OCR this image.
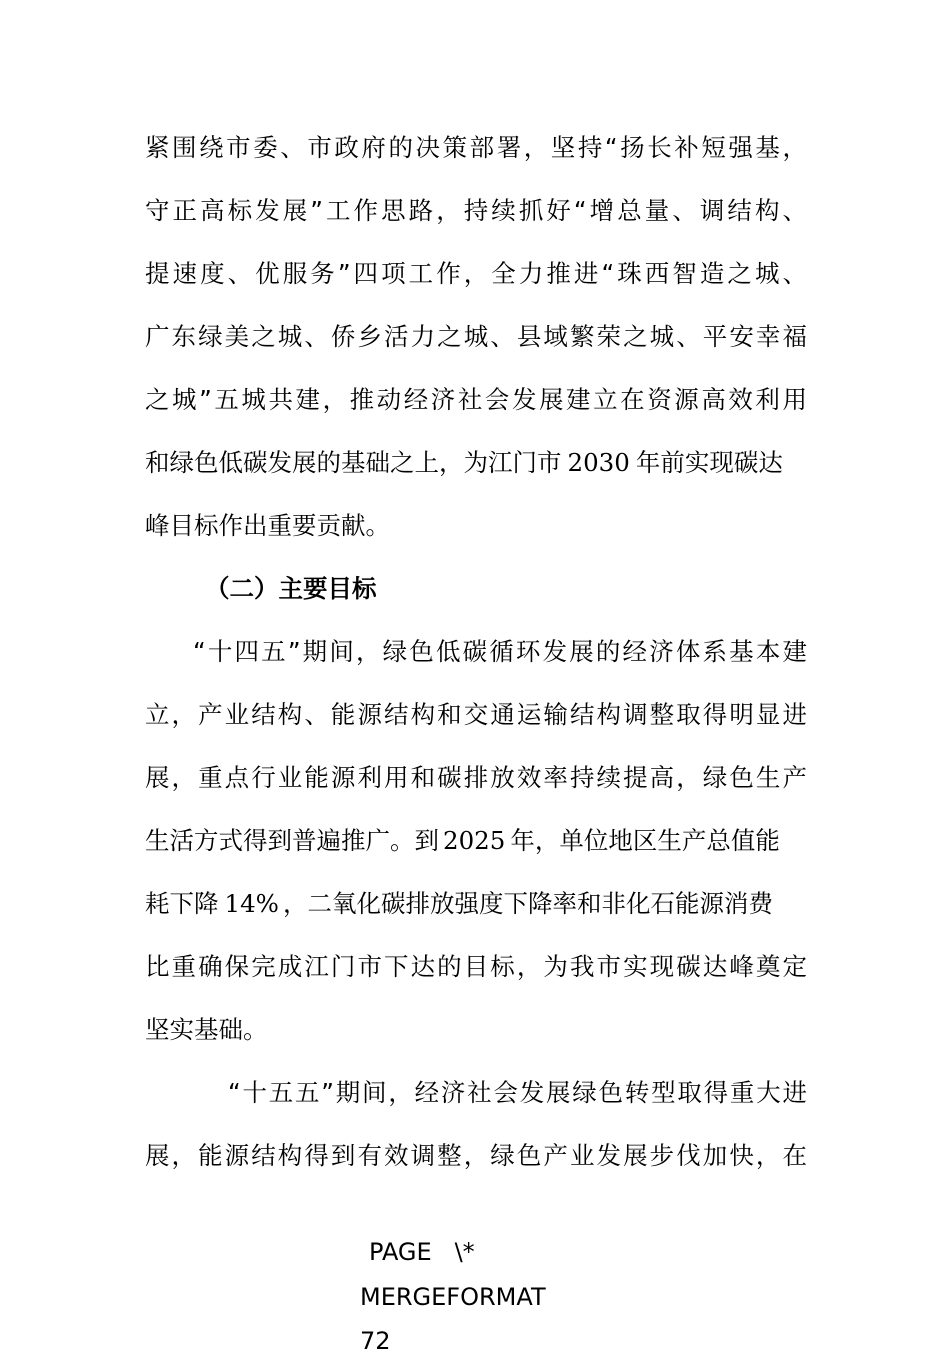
紧围绕市委、市政府的决策部署，坚持“扬长补短强基，
守正高标发展”工作思路，持续抓好“增总量、调结构、
提速度、优服务”四项工作，全力推进“珠西智造之城、
广东绿美之城、侨乡活力之城、县域繁荣之城、平安幸福
之城”五城共建，推动经济社会发展建立在资源高效利用
和绿色低碳发展的基础之上，为江门市 2030 年前实现碳达
峰目标作出重要贡献。
（二）主要目标
“十四五”期间，绿色低碳循环发展的经济体系基本建
立，产业结构、能源结构和交通运输结构调整取得明显进
展，重点行业能源利用和碳排放效率持续提高，绿色生产
生活方式得到普遍推广。到 2025 年，单位地区生产总值能
耗下降 14% ，二氧化碳排放强度下降率和非化石能源消费
比重确保完成江门市下达的目标，为我市实现碳达峰奠定
坚实基础。
“十五五”期间，经济社会发展绿色转型取得重大进
展，能源结构得到有效调整，绿色产业发展步伐加快，在
PAGE   \*
MERGEFORMAT
72
